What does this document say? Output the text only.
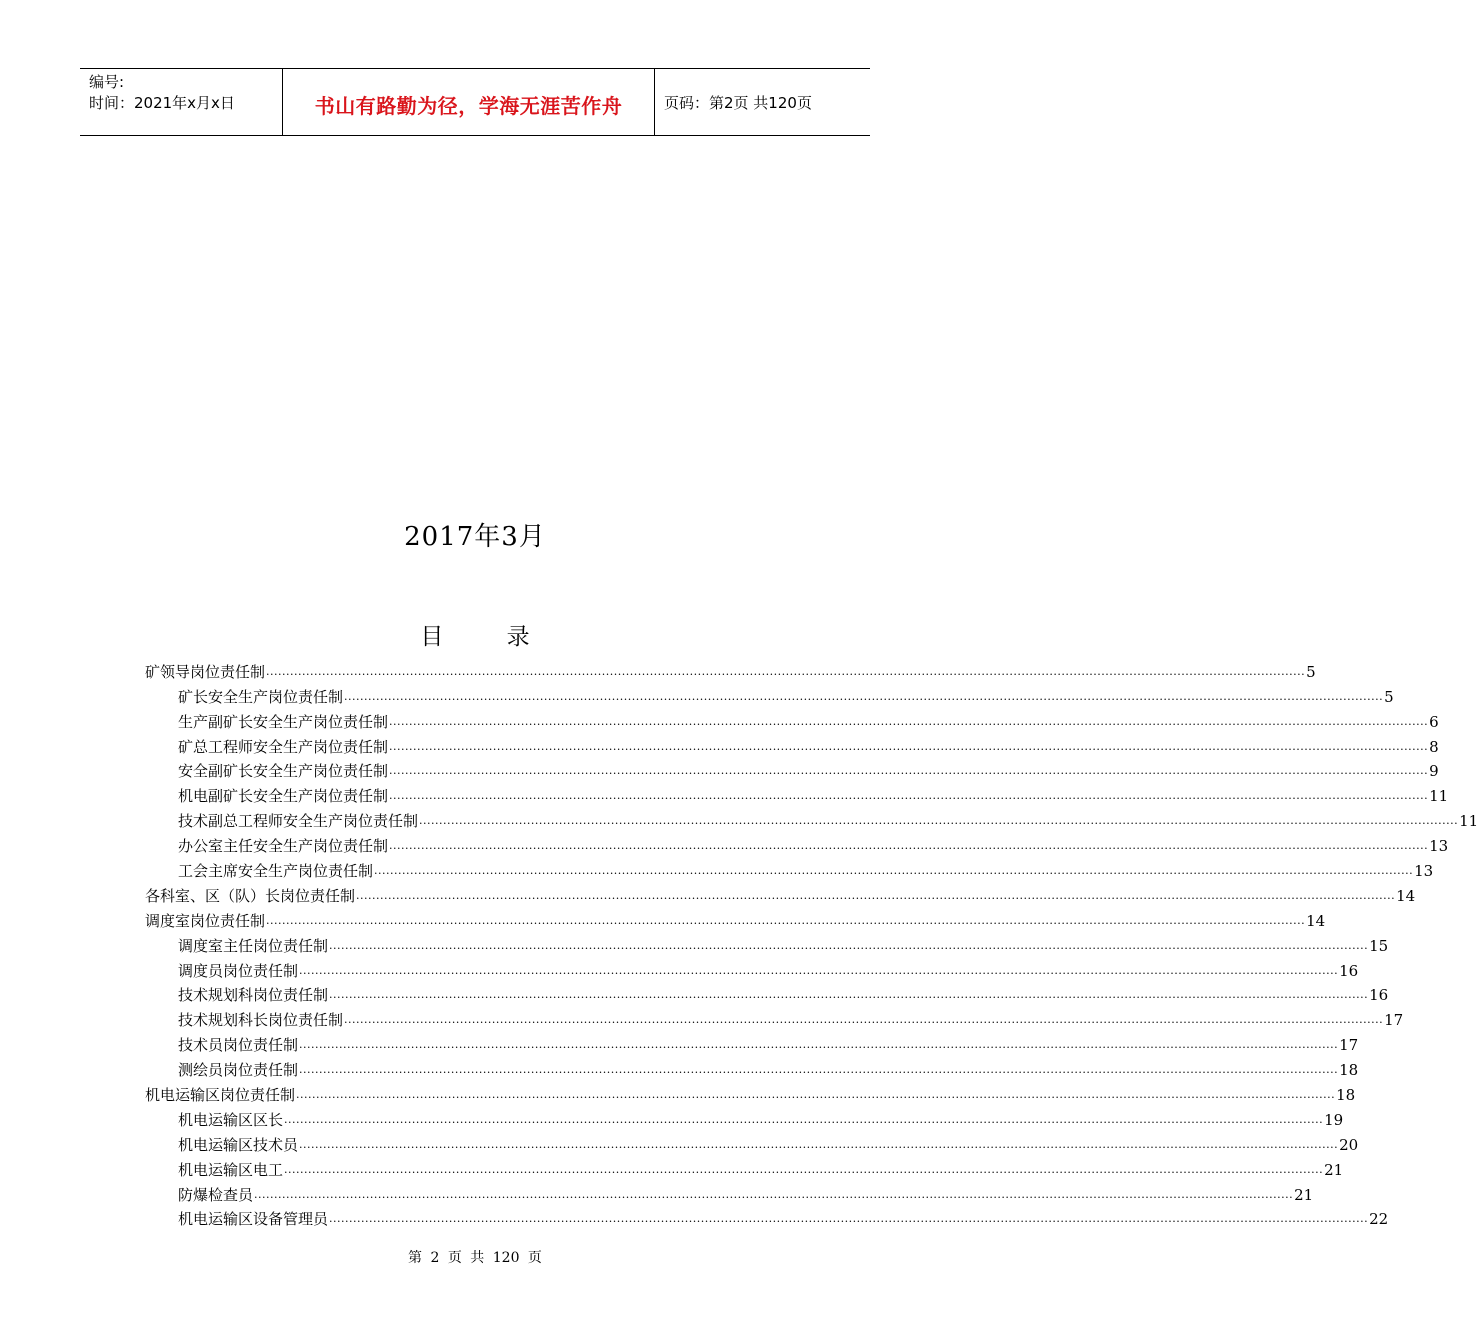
编号:
时间：2021年x月x日	书山有路勤为径，学海无涯苦作舟	页码：第2页 共120页
2017年3月
目 录
矿领导岗位责任制 .................................................................................................................................................................................................................................................................... 5
矿长安全生产岗位责任制 .................................................................................................................................................................................................................................................................... 5
生产副矿长安全生产岗位责任制 .................................................................................................................................................................................................................................................................... 6
矿总工程师安全生产岗位责任制 .................................................................................................................................................................................................................................................................... 8
安全副矿长安全生产岗位责任制 .................................................................................................................................................................................................................................................................... 9
机电副矿长安全生产岗位责任制 .................................................................................................................................................................................................................................................................... 11
技术副总工程师安全生产岗位责任制 .................................................................................................................................................................................................................................................................... 11
办公室主任安全生产岗位责任制 .................................................................................................................................................................................................................................................................... 13
工会主席安全生产岗位责任制 .................................................................................................................................................................................................................................................................... 13
各科室、区（队）长岗位责任制 .................................................................................................................................................................................................................................................................... 14
调度室岗位责任制 .................................................................................................................................................................................................................................................................... 14
调度室主任岗位责任制 .................................................................................................................................................................................................................................................................... 15
调度员岗位责任制 .................................................................................................................................................................................................................................................................... 16
技术规划科岗位责任制 .................................................................................................................................................................................................................................................................... 16
技术规划科长岗位责任制 .................................................................................................................................................................................................................................................................... 17
技术员岗位责任制 .................................................................................................................................................................................................................................................................... 17
测绘员岗位责任制 .................................................................................................................................................................................................................................................................... 18
机电运输区岗位责任制 .................................................................................................................................................................................................................................................................... 18
机电运输区区长 .................................................................................................................................................................................................................................................................... 19
机电运输区技术员 .................................................................................................................................................................................................................................................................... 20
机电运输区电工 .................................................................................................................................................................................................................................................................... 21
防爆检查员 .................................................................................................................................................................................................................................................................... 21
机电运输区设备管理员 .................................................................................................................................................................................................................................................................... 22
第 2 页 共 120 页
